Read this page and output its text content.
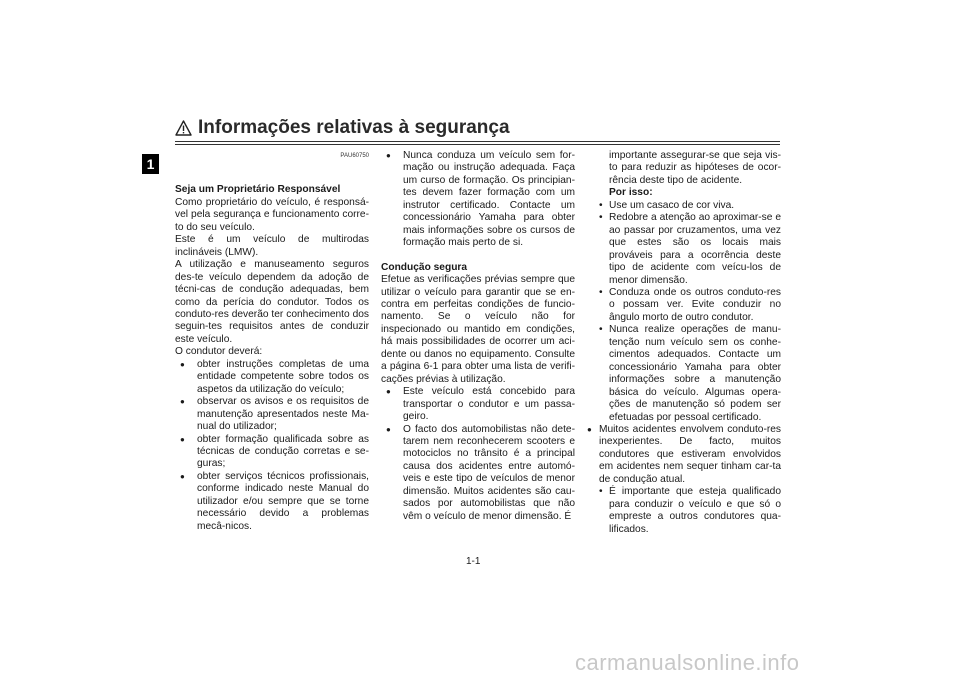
1
Informações relativas à segurança
PAU60750

Seja um Proprietário Responsável

Como proprietário do veículo, é responsá-vel pela segurança e funcionamento corre-to do seu veículo.

Este é um veículo de multirodas inclináveis (LMW).

A utilização e manuseamento seguros des-te veículo dependem da adoção de técni-cas de condução adequadas, bem como da perícia do condutor. Todos os conduto-res deverão ter conhecimento dos seguin-tes requisitos antes de conduzir este veículo.

O condutor deverá:

● obter instruções completas de uma entidade competente sobre todos os aspetos da utilização do veículo;
● observar os avisos e os requisitos de manutenção apresentados neste Ma-nual do utilizador;
● obter formação qualificada sobre as técnicas de condução corretas e se-guras;
● obter serviços técnicos profissionais, conforme indicado neste Manual do utilizador e/ou sempre que se torne necessário devido a problemas mecâ-nicos.
● Nunca conduza um veículo sem for-mação ou instrução adequada. Faça um curso de formação. Os principian-tes devem fazer formação com um instrutor certificado. Contacte um concessionário Yamaha para obter mais informações sobre os cursos de formação mais perto de si.

Condução segura

Efetue as verificações prévias sempre que utilizar o veículo para garantir que se en-contra em perfeitas condições de funcio-namento. Se o veículo não for inspecionado ou mantido em condições, há mais possibilidades de ocorrer um aci-dente ou danos no equipamento. Consulte a página 6-1 para obter uma lista de verifi-cações prévias à utilização.

● Este veículo está concebido para transportar o condutor e um passa-geiro.
● O facto dos automobilistas não dete-tarem nem reconhecerem scooters e motociclos no trânsito é a principal causa dos acidentes entre automó-veis e este tipo de veículos de menor dimensão. Muitos acidentes são cau-sados por automobilistas que não vêm o veículo de menor dimensão. É

importante assegurar-se que seja vis-to para reduzir as hipóteses de ocor-rência deste tipo de acidente.

Por isso:

• Use um casaco de cor viva.
• Redobre a atenção ao aproximar-se e ao passar por cruzamentos, uma vez que estes são os locais mais prováveis para a ocorrência deste tipo de acidente com veícu-los de menor dimensão.
• Conduza onde os outros conduto-res o possam ver. Evite conduzir no ângulo morto de outro condutor.
• Nunca realize operações de manu-tenção num veículo sem os conhe-cimentos adequados. Contacte um concessionário Yamaha para obter informações sobre a manutenção básica do veículo. Algumas opera-ções de manutenção só podem ser efetuadas por pessoal certificado.
● Muitos acidentes envolvem conduto-res inexperientes. De facto, muitos condutores que estiveram envolvidos em acidentes nem sequer tinham car-ta de condução atual.
• É importante que esteja qualificado para conduzir o veículo e que só o empreste a outros condutores qua-lificados.
1-1
carmanualsonline.info
